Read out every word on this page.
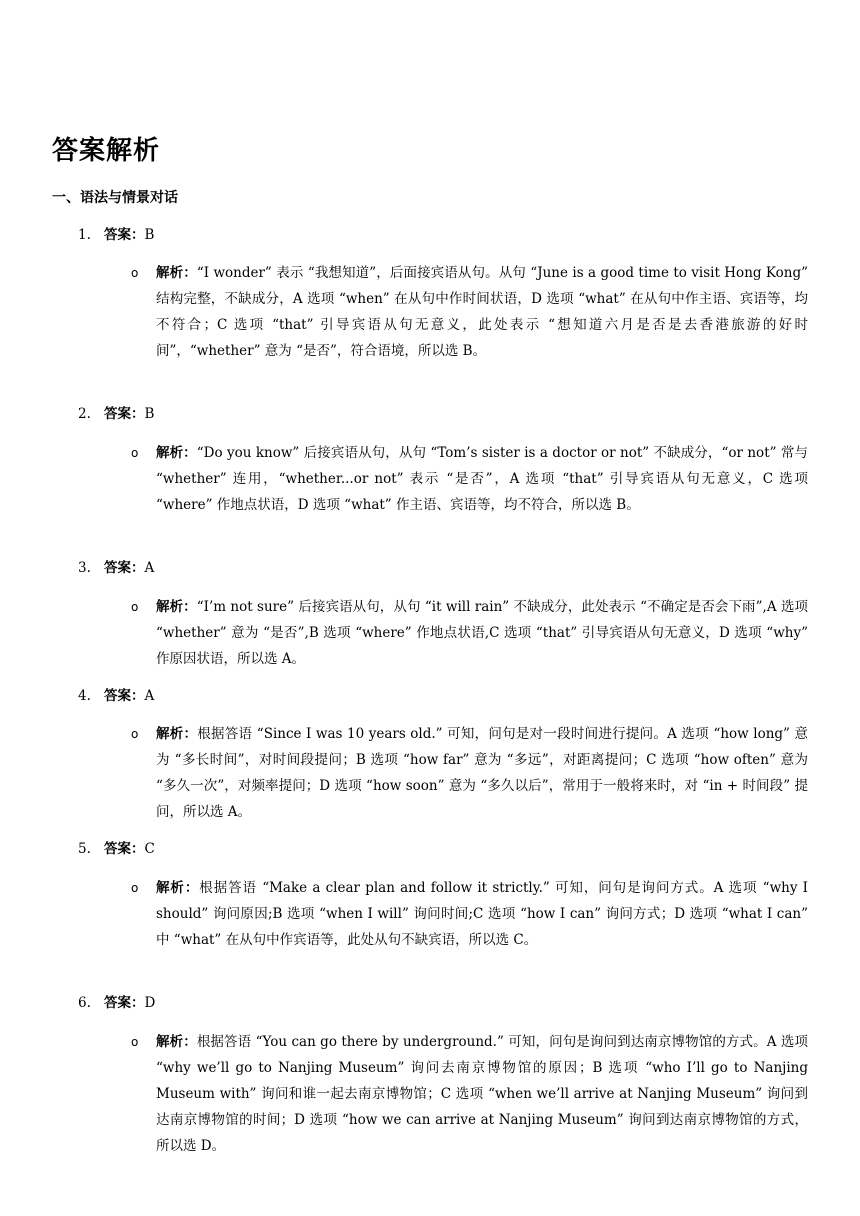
答案解析
一、语法与情景对话
1. 答案：B
o 解析：“I wonder” 表示 “我想知道”，后面接宾语从句。从句 “June is a good time to visit Hong Kong” 结构完整，不缺成分，A 选项 “when” 在从句中作时间状语，D 选项 “what” 在从句中作主语、宾语等，均不符合；C 选项 “that” 引导宾语从句无意义，此处表示 “想知道六月是否是去香港旅游的好时间”，“whether” 意为 “是否”，符合语境，所以选 B。
2. 答案：B
o 解析：“Do you know” 后接宾语从句，从句 “Tom’s sister is a doctor or not” 不缺成分，“or not” 常与 “whether” 连用，“whether...or not” 表示 “是否”，A 选项 “that” 引导宾语从句无意义，C 选项 “where” 作地点状语，D 选项 “what” 作主语、宾语等，均不符合，所以选 B。
3. 答案：A
o 解析：“I’m not sure” 后接宾语从句，从句 “it will rain” 不缺成分，此处表示 “不确定是否会下雨”,A 选项 “whether” 意为 “是否”,B 选项 “where” 作地点状语,C 选项 “that” 引导宾语从句无意义，D 选项 “why” 作原因状语，所以选 A。
4. 答案：A
o 解析：根据答语 “Since I was 10 years old.” 可知，问句是对一段时间进行提问。A 选项 “how long” 意为 “多长时间”，对时间段提问；B 选项 “how far” 意为 “多远”，对距离提问；C 选项 “how often” 意为 “多久一次”，对频率提问；D 选项 “how soon” 意为 “多久以后”，常用于一般将来时，对 “in + 时间段” 提问，所以选 A。
5. 答案：C
o 解析：根据答语 “Make a clear plan and follow it strictly.” 可知，问句是询问方式。A 选项 “why I should” 询问原因;B 选项 “when I will” 询问时间;C 选项 “how I can” 询问方式；D 选项 “what I can” 中 “what” 在从句中作宾语等，此处从句不缺宾语，所以选 C。
6. 答案：D
o 解析：根据答语 “You can go there by underground.” 可知，问句是询问到达南京博物馆的方式。A 选项 “why we’ll go to Nanjing Museum” 询问去南京博物馆的原因；B 选项 “who I’ll go to Nanjing Museum with” 询问和谁一起去南京博物馆；C 选项 “when we’ll arrive at Nanjing Museum” 询问到达南京博物馆的时间；D 选项 “how we can arrive at Nanjing Museum” 询问到达南京博物馆的方式，所以选 D。
